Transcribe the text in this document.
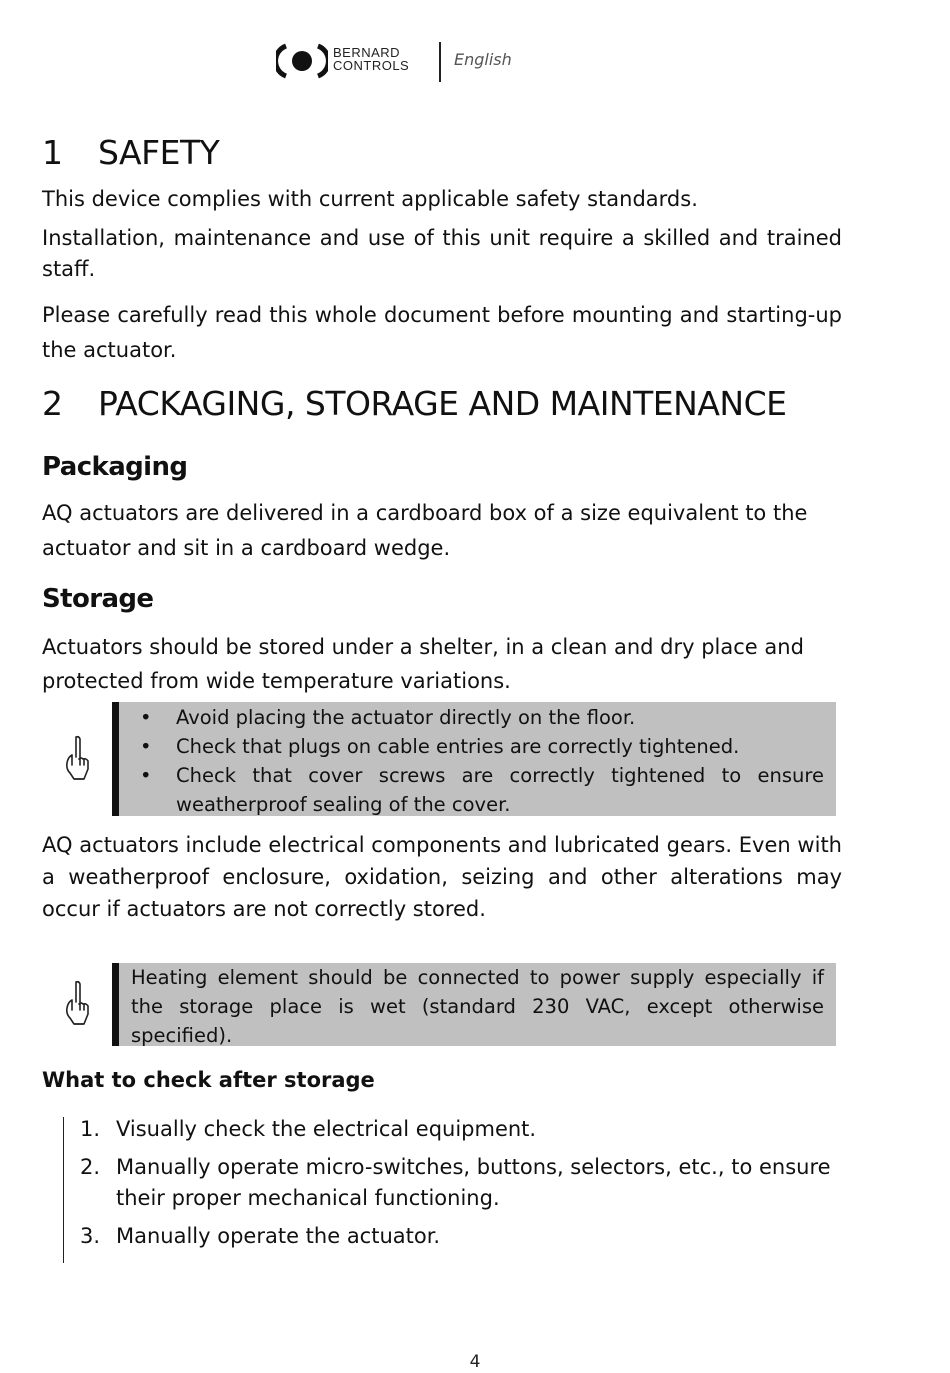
BERNARD
CONTROLS	English
1 SAFETY
This device complies with current applicable safety standards.
Installation, maintenance and use of this unit require a skilled and trained staff.
Please carefully read this whole document before mounting and starting-up the actuator.
2 PACKAGING, STORAGE AND MAINTENANCE
Packaging
AQ actuators are delivered in a cardboard box of a size equivalent to the actuator and sit in a cardboard wedge.
Storage
Actuators should be stored under a shelter, in a clean and dry place and protected from wide temperature variations.
• Avoid placing the actuator directly on the floor.
• Check that plugs on cable entries are correctly tightened.
• Check that cover screws are correctly tightened to ensure weatherproof sealing of the cover.
AQ actuators include electrical components and lubricated gears. Even with a weatherproof enclosure, oxidation, seizing and other alterations may occur if actuators are not correctly stored.
Heating element should be connected to power supply especially if the storage place is wet (standard 230 VAC, except otherwise specified).
What to check after storage
1. Visually check the electrical equipment.
2. Manually operate micro-switches, buttons, selectors, etc., to ensure their proper mechanical functioning.
3. Manually operate the actuator.
4
